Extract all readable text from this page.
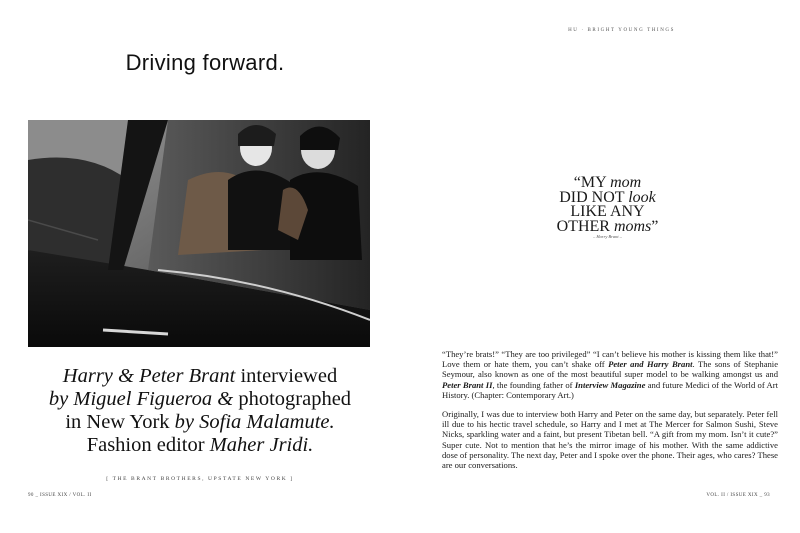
Driving forward.
Harry & Peter Brant interviewed
by Miguel Figueroa & photographed
in New York by Sofia Malamute.
Fashion editor Maher Jridi.
[ THE BRANT BROTHERS, UPSTATE NEW YORK ]
90 _ ISSUE XIX / VOL. II
HU · BRIGHT YOUNG THINGS
“MY mom
DID NOT look
LIKE ANY
OTHER moms”
– Harry Brant –

“They’re brats!” “They are too privileged” “I can’t believe his mother is kissing them like that!” Love them or hate them, you can’t shake off Peter and Harry Brant. The sons of Stephanie Seymour, also known as one of the most beautiful super model to be walking amongst us and Peter Brant II, the founding father of Interview Magazine and future Medici of the World of Art History. (Chapter: Contemporary Art.)

Originally, I was due to interview both Harry and Peter on the same day, but separately. Peter fell ill due to his hectic travel schedule, so Harry and I met at The Mercer for Salmon Sushi, Steve Nicks, sparkling water and a faint, but present Tibetan bell. “A gift from my mom. Isn’t it cute?” Super cute. Not to mention that he’s the mirror image of his mother. With the same addictive dose of personality. The next day, Peter and I spoke over the phone. Their ages, who cares? These are our conversations.

VOL. II / ISSUE XIX _ 93
